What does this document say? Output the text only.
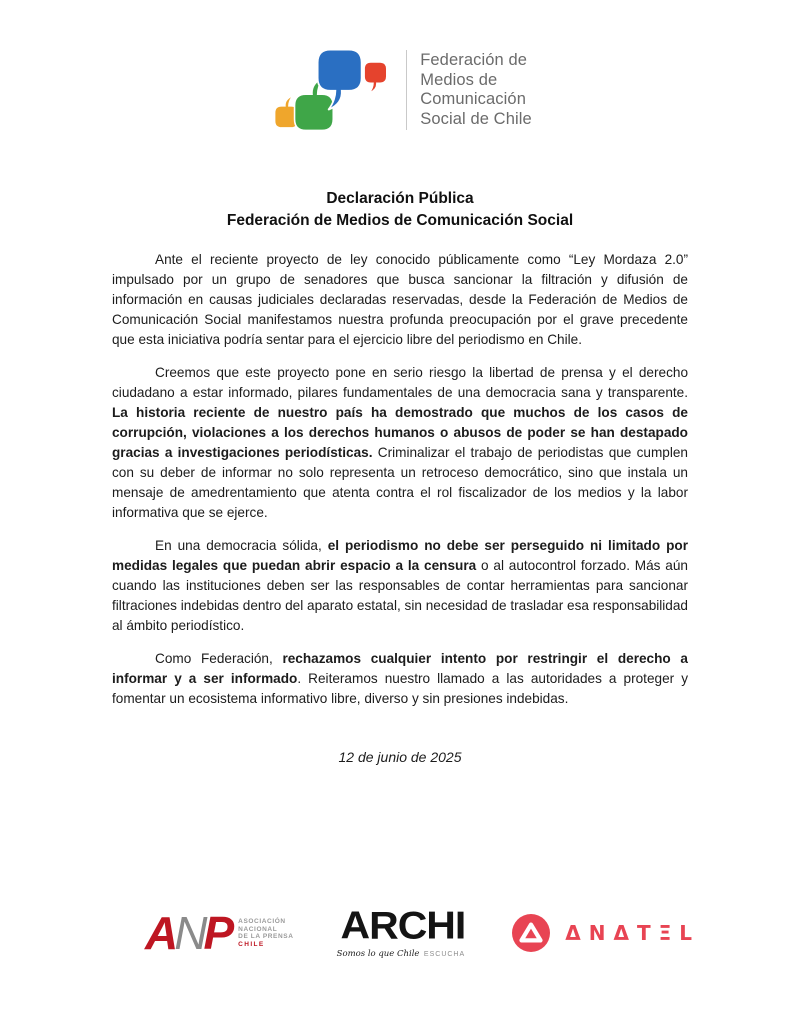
Federación de
Medios de
Comunicación
Social de Chile
Declaración Pública
Federación de Medios de Comunicación Social

Ante el reciente proyecto de ley conocido públicamente como “Ley Mordaza 2.0” impulsado por un grupo de senadores que busca sancionar la filtración y difusión de información en causas judiciales declaradas reservadas, desde la Federación de Medios de Comunicación Social manifestamos nuestra profunda preocupación por el grave precedente que esta iniciativa podría sentar para el ejercicio libre del periodismo en Chile.

Creemos que este proyecto pone en serio riesgo la libertad de prensa y el derecho ciudadano a estar informado, pilares fundamentales de una democracia sana y transparente. La historia reciente de nuestro país ha demostrado que muchos de los casos de corrupción, violaciones a los derechos humanos o abusos de poder se han destapado gracias a investigaciones periodísticas. Criminalizar el trabajo de periodistas que cumplen con su deber de informar no solo representa un retroceso democrático, sino que instala un mensaje de amedrentamiento que atenta contra el rol fiscalizador de los medios y la labor informativa que se ejerce.

En una democracia sólida, el periodismo no debe ser perseguido ni limitado por medidas legales que puedan abrir espacio a la censura o al autocontrol forzado. Más aún cuando las instituciones deben ser las responsables de contar herramientas para sancionar filtraciones indebidas dentro del aparato estatal, sin necesidad de trasladar esa responsabilidad al ámbito periodístico.

Como Federación, rechazamos cualquier intento por restringir el derecho a informar y a ser informado. Reiteramos nuestro llamado a las autoridades a proteger y fomentar un ecosistema informativo libre, diverso y sin presiones indebidas.

12 de junio de 2025
ANP ASOCIACIÓN
NACIONAL
DE LA PRENSA
CHILE	ARCHI
Somos lo que Chile ESCUCHA
ΔNΔTΞL
